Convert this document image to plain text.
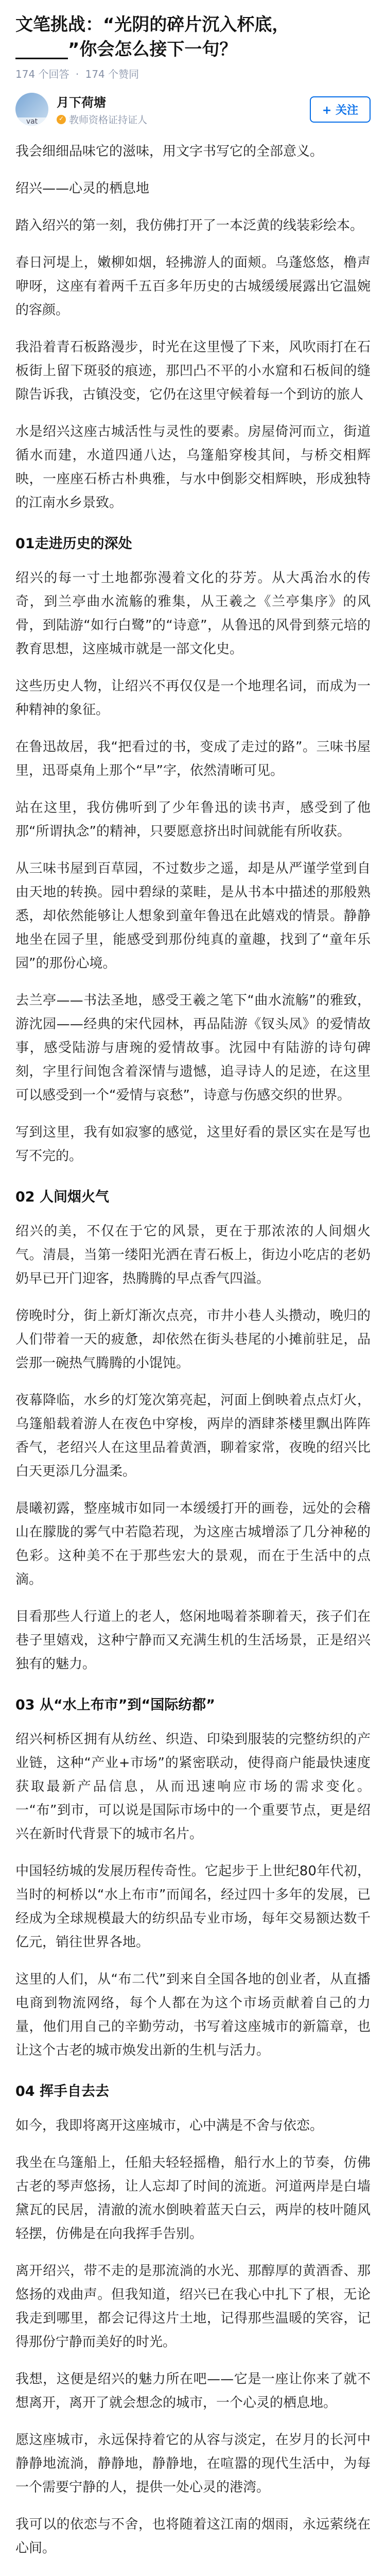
文笔挑战：“光阴的碎片沉入杯底，______”你会怎么接下一句？
174 个回答 · 174 个赞同
vat
月下荷塘
✓
教师资格证持证人
+ 关注

我会细细品味它的滋味，用文字书写它的全部意义。

绍兴——心灵的栖息地

踏入绍兴的第一刻，我仿佛打开了一本泛黄的线装彩绘本。

春日河堤上，嫩柳如烟，轻拂游人的面颊。乌蓬悠悠，橹声咿呀，这座有着两千五百多年历史的古城缓缓展露出它温婉的容颜。

我沿着青石板路漫步，时光在这里慢了下来，风吹雨打在石板街上留下斑驳的痕迹，那凹凸不平的小水窟和石板间的缝隙告诉我，古镇没变，它仍在这里守候着每一个到访的旅人

水是绍兴这座古城活性与灵性的要素。房屋倚河而立，街道循水而建，水道四通八达，乌篷船穿梭其间，与桥交相辉映，一座座石桥古朴典雅，与水中倒影交相辉映，形成独特的江南水乡景致。

01走进历史的深处

绍兴的每一寸土地都弥漫着文化的芬芳。从大禹治水的传奇，到兰亭曲水流觞的雅集，从王羲之《兰亭集序》的风骨，到陆游“如行白鹭”的“诗意”，从鲁迅的风骨到蔡元培的教育思想，这座城市就是一部文化史。

这些历史人物，让绍兴不再仅仅是一个地理名词，而成为一种精神的象征。

在鲁迅故居，我“把看过的书，变成了走过的路”。三味书屋里，迅哥桌角上那个“早”字，依然清晰可见。

站在这里，我仿佛听到了少年鲁迅的读书声，感受到了他那“所谓执念”的精神，只要愿意挤出时间就能有所收获。

从三味书屋到百草园，不过数步之遥，却是从严谨学堂到自由天地的转换。园中碧绿的菜畦，是从书本中描述的那般熟悉，却依然能够让人想象到童年鲁迅在此嬉戏的情景。静静地坐在园子里，能感受到那份纯真的童趣，找到了“童年乐园”的那份心境。

去兰亭——书法圣地，感受王羲之笔下“曲水流觞”的雅致，游沈园——经典的宋代园林，再品陆游《钗头凤》的爱情故事，感受陆游与唐琬的爱情故事。沈园中有陆游的诗句碑刻，字里行间饱含着深情与遗憾，追寻诗人的足迹，在这里可以感受到一个“爱情与哀愁”，诗意与伤感交织的世界。

写到这里，我有如寂寥的感觉，这里好看的景区实在是写也写不完的。

02 人间烟火气

绍兴的美，不仅在于它的风景，更在于那浓浓的人间烟火气。清晨，当第一缕阳光洒在青石板上，街边小吃店的老奶奶早已开门迎客，热腾腾的早点香气四溢。

傍晚时分，街上新灯渐次点亮，市井小巷人头攒动，晚归的人们带着一天的疲惫，却依然在街头巷尾的小摊前驻足，品尝那一碗热气腾腾的小馄饨。

夜幕降临，水乡的灯笼次第亮起，河面上倒映着点点灯火，乌篷船载着游人在夜色中穿梭，两岸的酒肆茶楼里飘出阵阵香气，老绍兴人在这里品着黄酒，聊着家常，夜晚的绍兴比白天更添几分温柔。

晨曦初露，整座城市如同一本缓缓打开的画卷，远处的会稽山在朦胧的雾气中若隐若现，为这座古城增添了几分神秘的色彩。这种美不在于那些宏大的景观，而在于生活中的点滴。

目看那些人行道上的老人，悠闲地喝着茶聊着天，孩子们在巷子里嬉戏，这种宁静而又充满生机的生活场景，正是绍兴独有的魅力。

03 从“水上布市”到“国际纺都”

绍兴柯桥区拥有从纺丝、织造、印染到服装的完整纺织的产业链，这种“产业+市场”的紧密联动，使得商户能最快速度获取最新产品信息，从而迅速响应市场的需求变化。一“布”到市，可以说是国际市场中的一个重要节点，更是绍兴在新时代背景下的城市名片。

中国轻纺城的发展历程传奇性。它起步于上世纪80年代初，当时的柯桥以“水上布市”而闻名，经过四十多年的发展，已经成为全球规模最大的纺织品专业市场，每年交易额达数千亿元，销往世界各地。

这里的人们，从“布二代”到来自全国各地的创业者，从直播电商到物流网络，每个人都在为这个市场贡献着自己的力量，他们用自己的辛勤劳动，书写着这座城市的新篇章，也让这个古老的城市焕发出新的生机与活力。

04 挥手自去去

如今，我即将离开这座城市，心中满是不舍与依恋。

我坐在乌篷船上，任船夫轻轻摇橹，船行水上的节奏，仿佛古老的琴声悠扬，让人忘却了时间的流逝。河道两岸是白墙黛瓦的民居，清澈的流水倒映着蓝天白云，两岸的枝叶随风轻摆，仿佛是在向我挥手告别。

离开绍兴，带不走的是那流淌的水光、那醇厚的黄酒香、那悠扬的戏曲声。但我知道，绍兴已在我心中扎下了根，无论我走到哪里，都会记得这片土地，记得那些温暖的笑容，记得那份宁静而美好的时光。

我想，这便是绍兴的魅力所在吧——它是一座让你来了就不想离开，离开了就会想念的城市，一个心灵的栖息地。

愿这座城市，永远保持着它的从容与淡定，在岁月的长河中静静地流淌，静静地，静静地，在喧嚣的现代生活中，为每一个需要宁静的人，提供一处心灵的港湾。

我可以的依恋与不舍，也将随着这江南的烟雨，永远萦绕在心间。
